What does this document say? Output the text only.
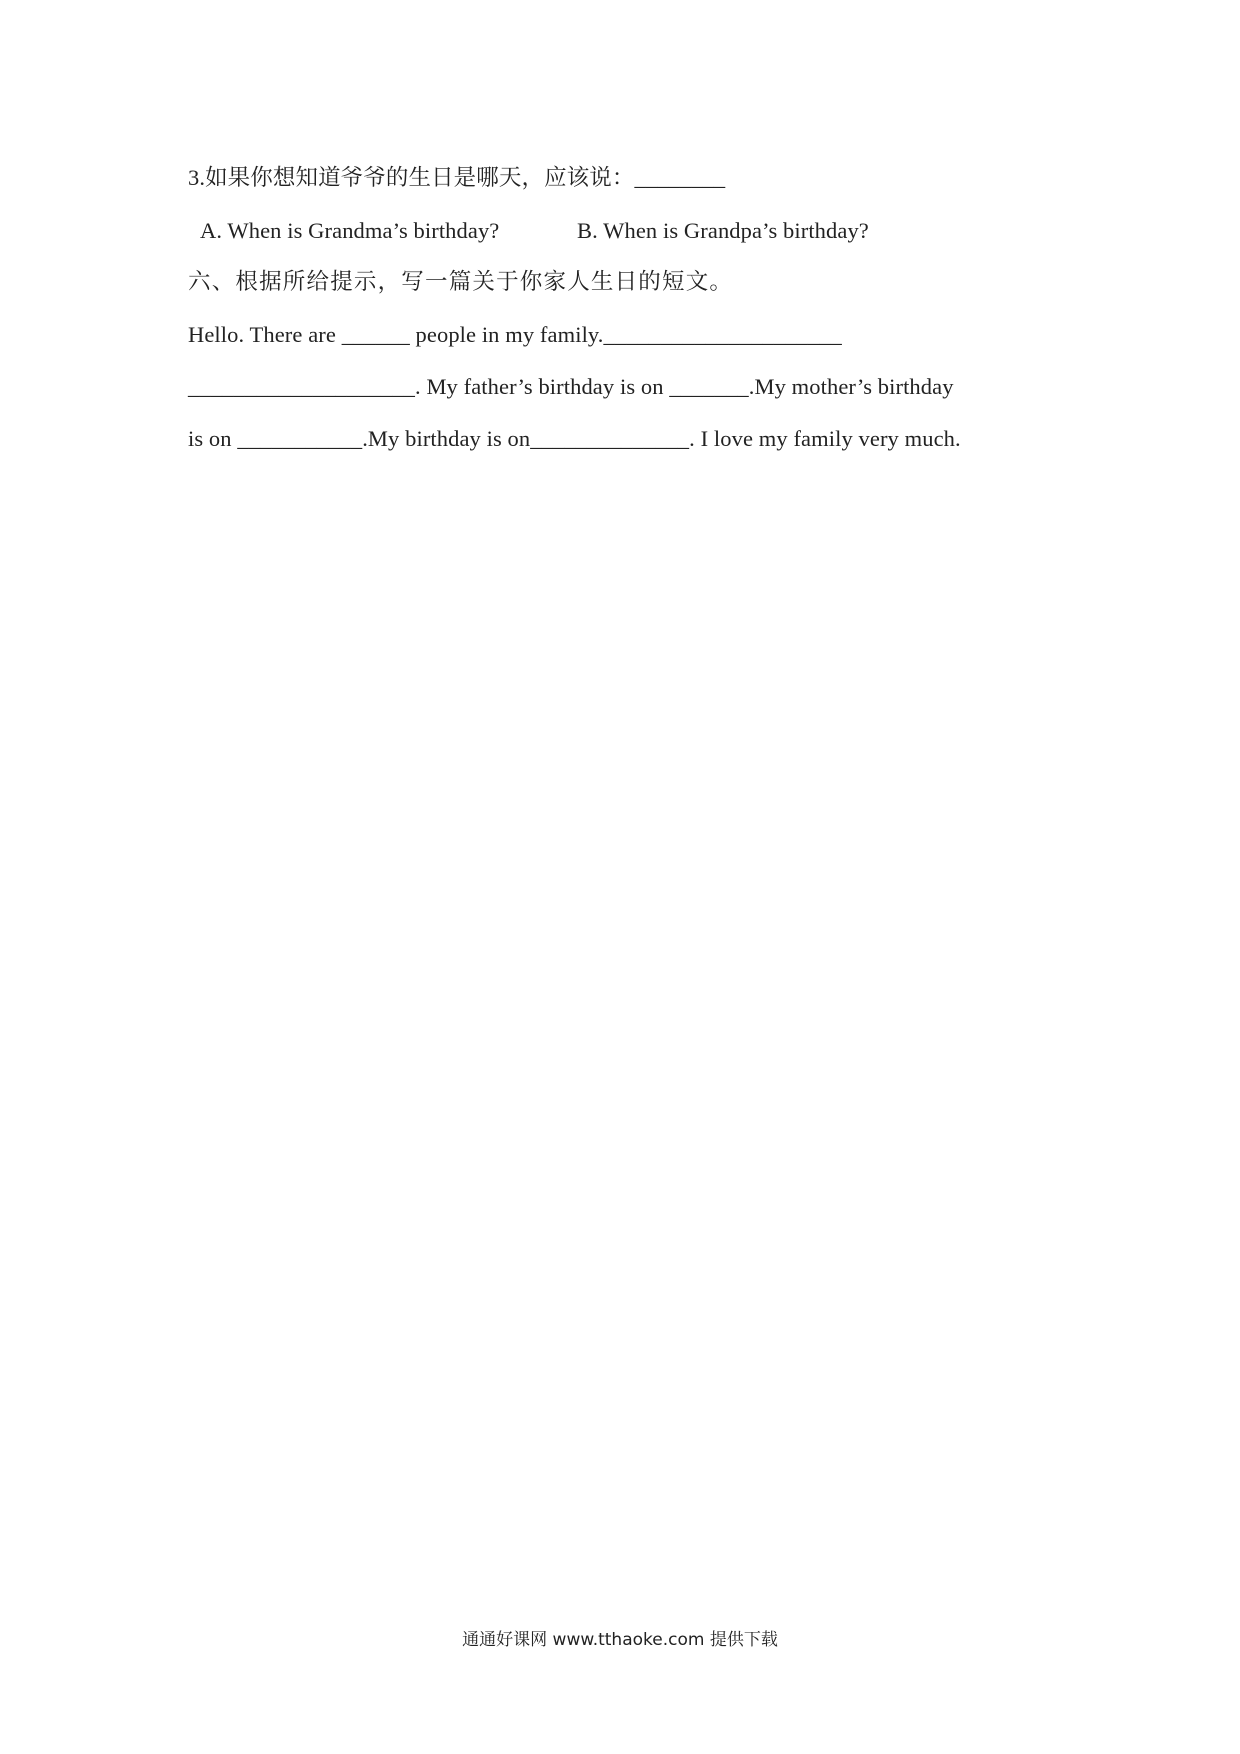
3.如果你想知道爷爷的生日是哪天，应该说：________
A. When is Grandma’s birthday?	B. When is Grandpa’s birthday?
六、根据所给提示，写一篇关于你家人生日的短文。
Hello. There are ______ people in my family._____________________
____________________. My father’s birthday is on _______.My mother’s birthday
is on ___________.My birthday is on______________. I love my family very much.
通通好课网 www.tthaoke.com 提供下载
